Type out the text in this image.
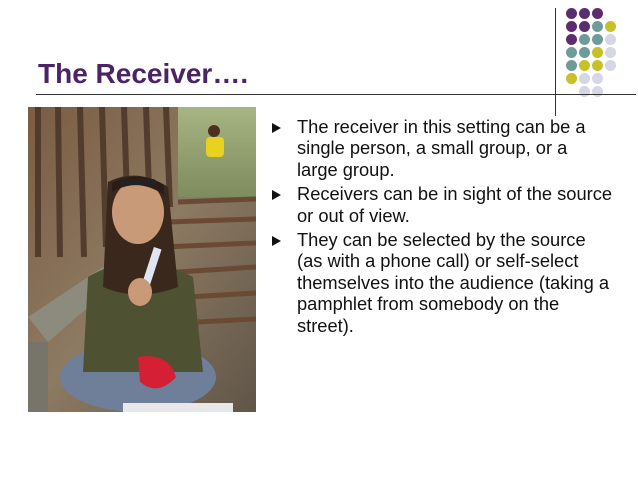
The Receiver….
The receiver in this setting can be a single person, a small group, or a large group.
Receivers can be in sight of the source or out of view.
They can be selected by the source (as with a phone call) or self-select themselves into the audience (taking a pamphlet from somebody on the street).
